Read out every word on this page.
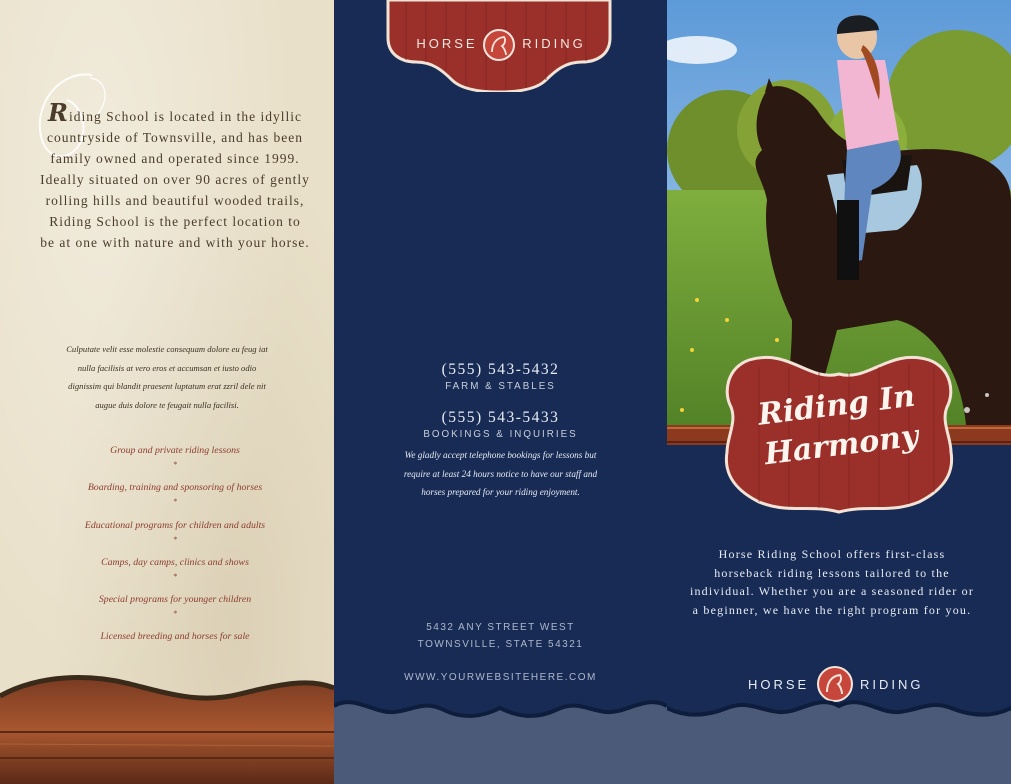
Riding School is located in the idyllic countryside of Townsville, and has been family owned and operated since 1999. Ideally situated on over 90 acres of gently rolling hills and beautiful wooded trails, Riding School is the perfect location to be at one with nature and with your horse.
Culputate velit esse molestie consequam dolore eu feug iat nulla facilisis at vero eros et accumsan et iusto odio dignissim qui blandit praesent luptatum erat zzril dele nit augue duis dolore te feugait nulla facilisi.
Group and private riding lessons
*
Boarding, training and sponsoring of horses
*
Educational programs for children and adults
*
Camps, day camps, clinics and shows
*
Special programs for younger children
*
Licensed breeding and horses for sale
HORSE	RIDING
(555) 543-5432
FARM & STABLES
(555) 543-5433
BOOKINGS & INQUIRIES
We gladly accept telephone bookings for lessons but require at least 24 hours notice to have our staff and horses prepared for your riding enjoyment.
5432 ANY STREET WEST
TOWNSVILLE, STATE 54321
WWW.YOURWEBSITEHERE.COM
Riding In
Harmony
Horse Riding School offers first-class horseback riding lessons tailored to the individual. Whether you are a seasoned rider or a beginner, we have the right program for you.
HORSE	RIDING
